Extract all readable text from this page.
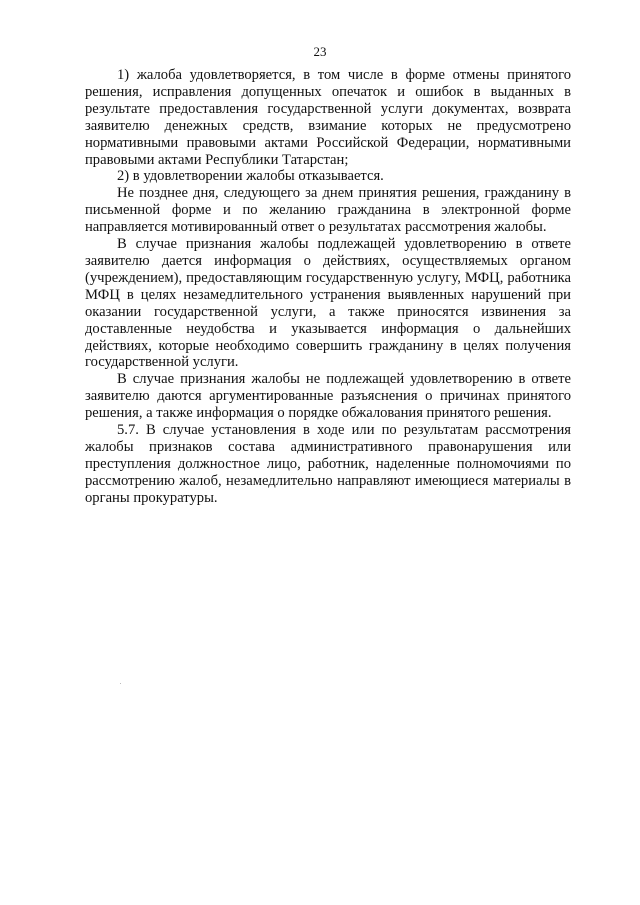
23

1) жалоба удовлетворяется, в том числе в форме отмены принятого решения, исправления допущенных опечаток и ошибок в выданных в результате предоставления государственной услуги документах, возврата заявителю денежных средств, взимание которых не предусмотрено нормативными правовыми актами Российской Федерации, нормативными правовыми актами Республики Татарстан;

2) в удовлетворении жалобы отказывается.

Не позднее дня, следующего за днем принятия решения, гражданину в письменной форме и по желанию гражданина в электронной форме направляется мотивированный ответ о результатах рассмотрения жалобы.

В случае признания жалобы подлежащей удовлетворению в ответе заявителю дается информация о действиях, осуществляемых органом (учреждением), предоставляющим государственную услугу, МФЦ, работника МФЦ в целях незамедлительного устранения выявленных нарушений при оказании государственной услуги, а также приносятся извинения за доставленные неудобства и указывается информация о дальнейших действиях, которые необходимо совершить гражданину в целях получения государственной услуги.

В случае признания жалобы не подлежащей удовлетворению в ответе заявителю даются аргументированные разъяснения о причинах принятого решения, а также информация о порядке обжалования принятого решения.

5.7. В случае установления в ходе или по результатам рассмотрения жалобы признаков состава административного правонарушения или преступления должностное лицо, работник, наделенные полномочиями по рассмотрению жалоб, незамедлительно направляют имеющиеся материалы в органы прокуратуры.
